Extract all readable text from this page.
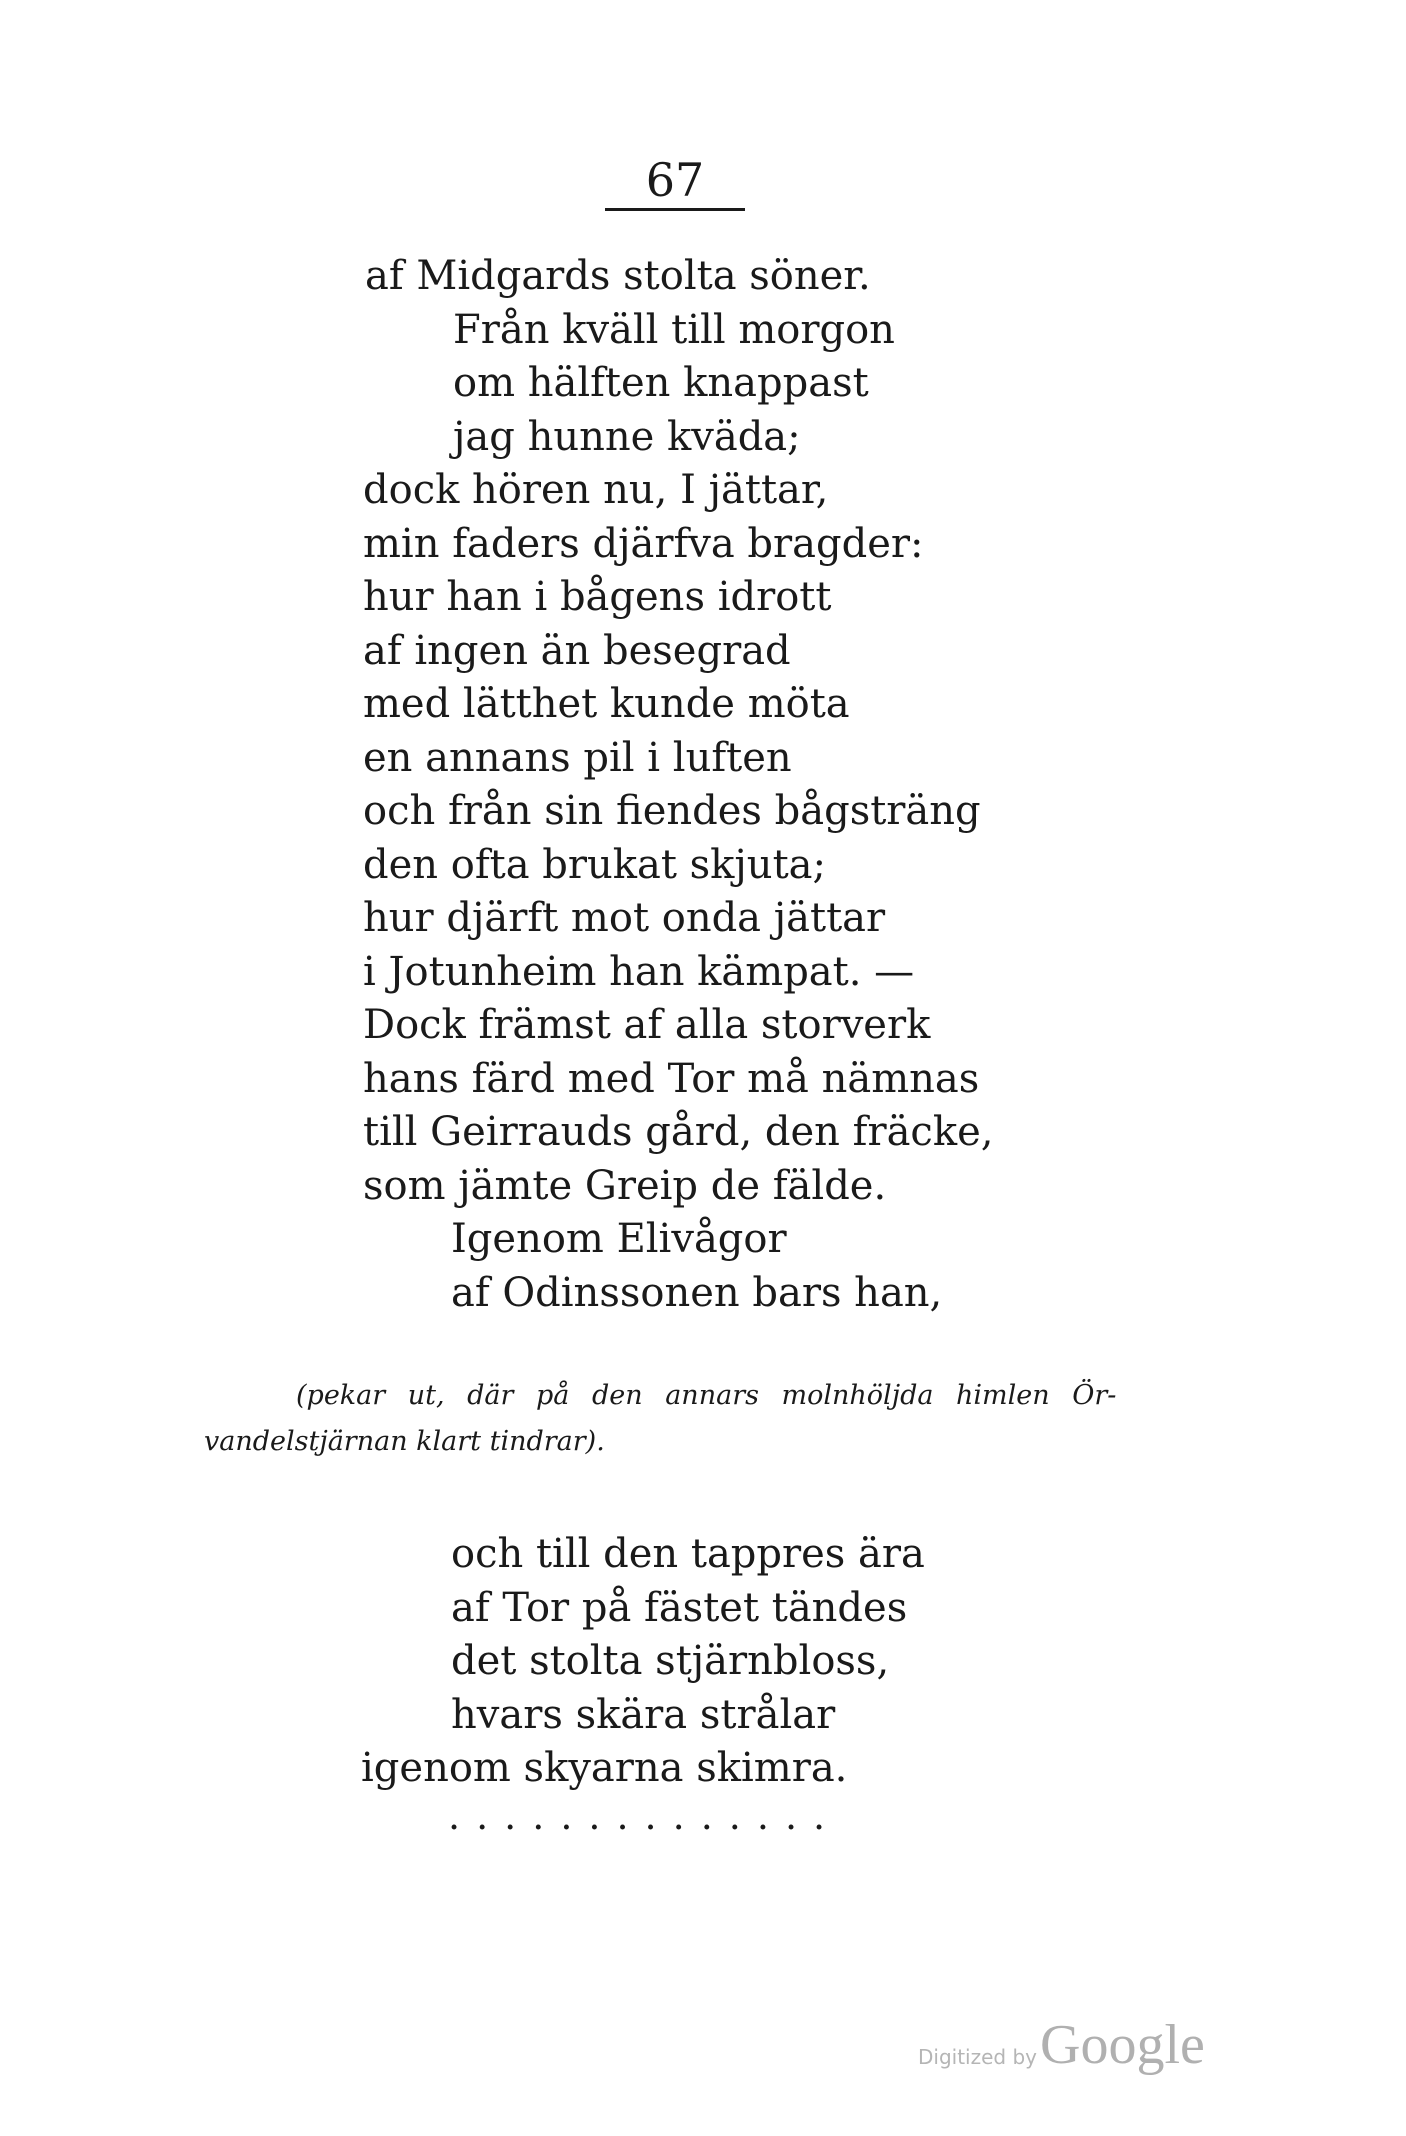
67
af Midgards stolta söner.
Från kväll till morgon
om hälften knappast
jag hunne kväda;
dock hören nu, I jättar,
min faders djärfva bragder:
hur han i bågens idrott
af ingen än besegrad
med lätthet kunde möta
en annans pil i luften
och från sin fiendes bågsträng
den ofta brukat skjuta;
hur djärft mot onda jättar
i Jotunheim han kämpat. —
Dock främst af alla storverk
hans färd med Tor må nämnas
till Geirrauds gård, den fräcke,
som jämte Greip de fälde.
Igenom Elivågor
af Odinssonen bars han,
(pekar ut, där på den annars molnhöljda himlen Ör-
vandelstjärnan klart tindrar).
och till den tappres ära
af Tor på fästet tändes
det stolta stjärnbloss,
hvars skära strålar
igenom skyarna skimra.
..............
Digitized by Google
